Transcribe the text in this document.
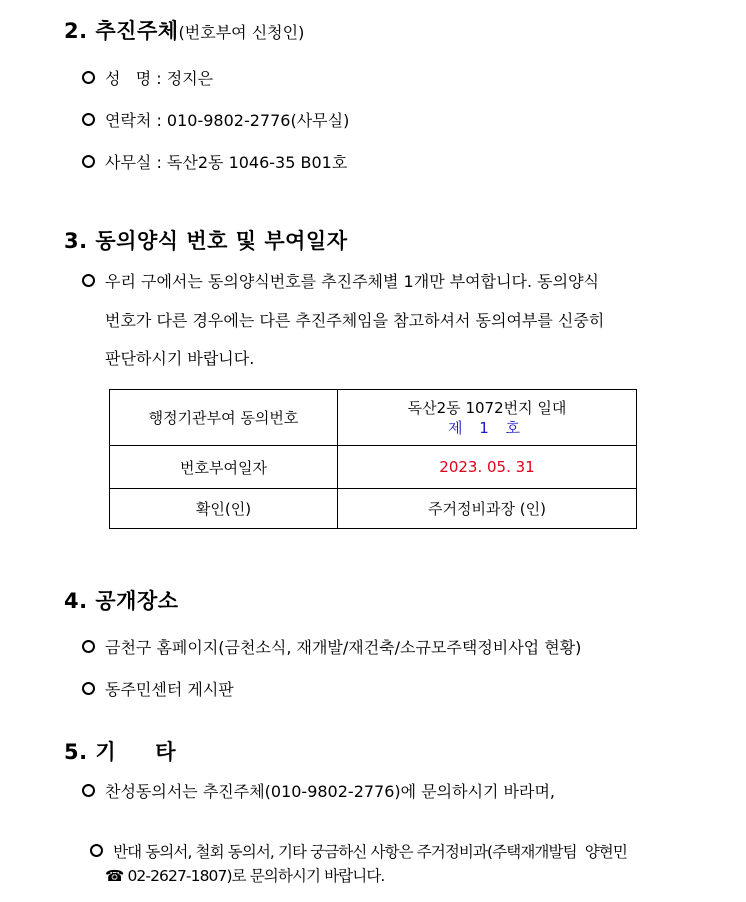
2. 추진주체(번호부여 신청인)
성   명 : 정지은
연락처 : 010-9802-2776(사무실)
사무실 : 독산2동 1046-35 B01호
3. 동의양식 번호 및 부여일자
우리 구에서는 동의양식번호를 추진주체별 1개만 부여합니다. 동의양식
번호가 다른 경우에는 다른 추진주체임을 참고하셔서 동의여부를 신중히
판단하시기 바랍니다.
행정기관부여 동의번호	독산2동 1072번지 일대
제 1 호

번호부여일자	2023. 05. 31
확인(인)	주거정비과장 (인)
4. 공개장소
금천구 홈페이지(금천소식, 재개발/재건축/소규모주택정비사업 현황)
동주민센터 게시판
5. 기     타
찬성동의서는 추진주체(010-9802-2776)에 문의하시기 바라며,

반대 동의서, 철회 동의서, 기타 궁금하신 사항은 주거정비과(주택재개발팀  양현민

☎ 02-2627-1807)로 문의하시기 바랍니다.
